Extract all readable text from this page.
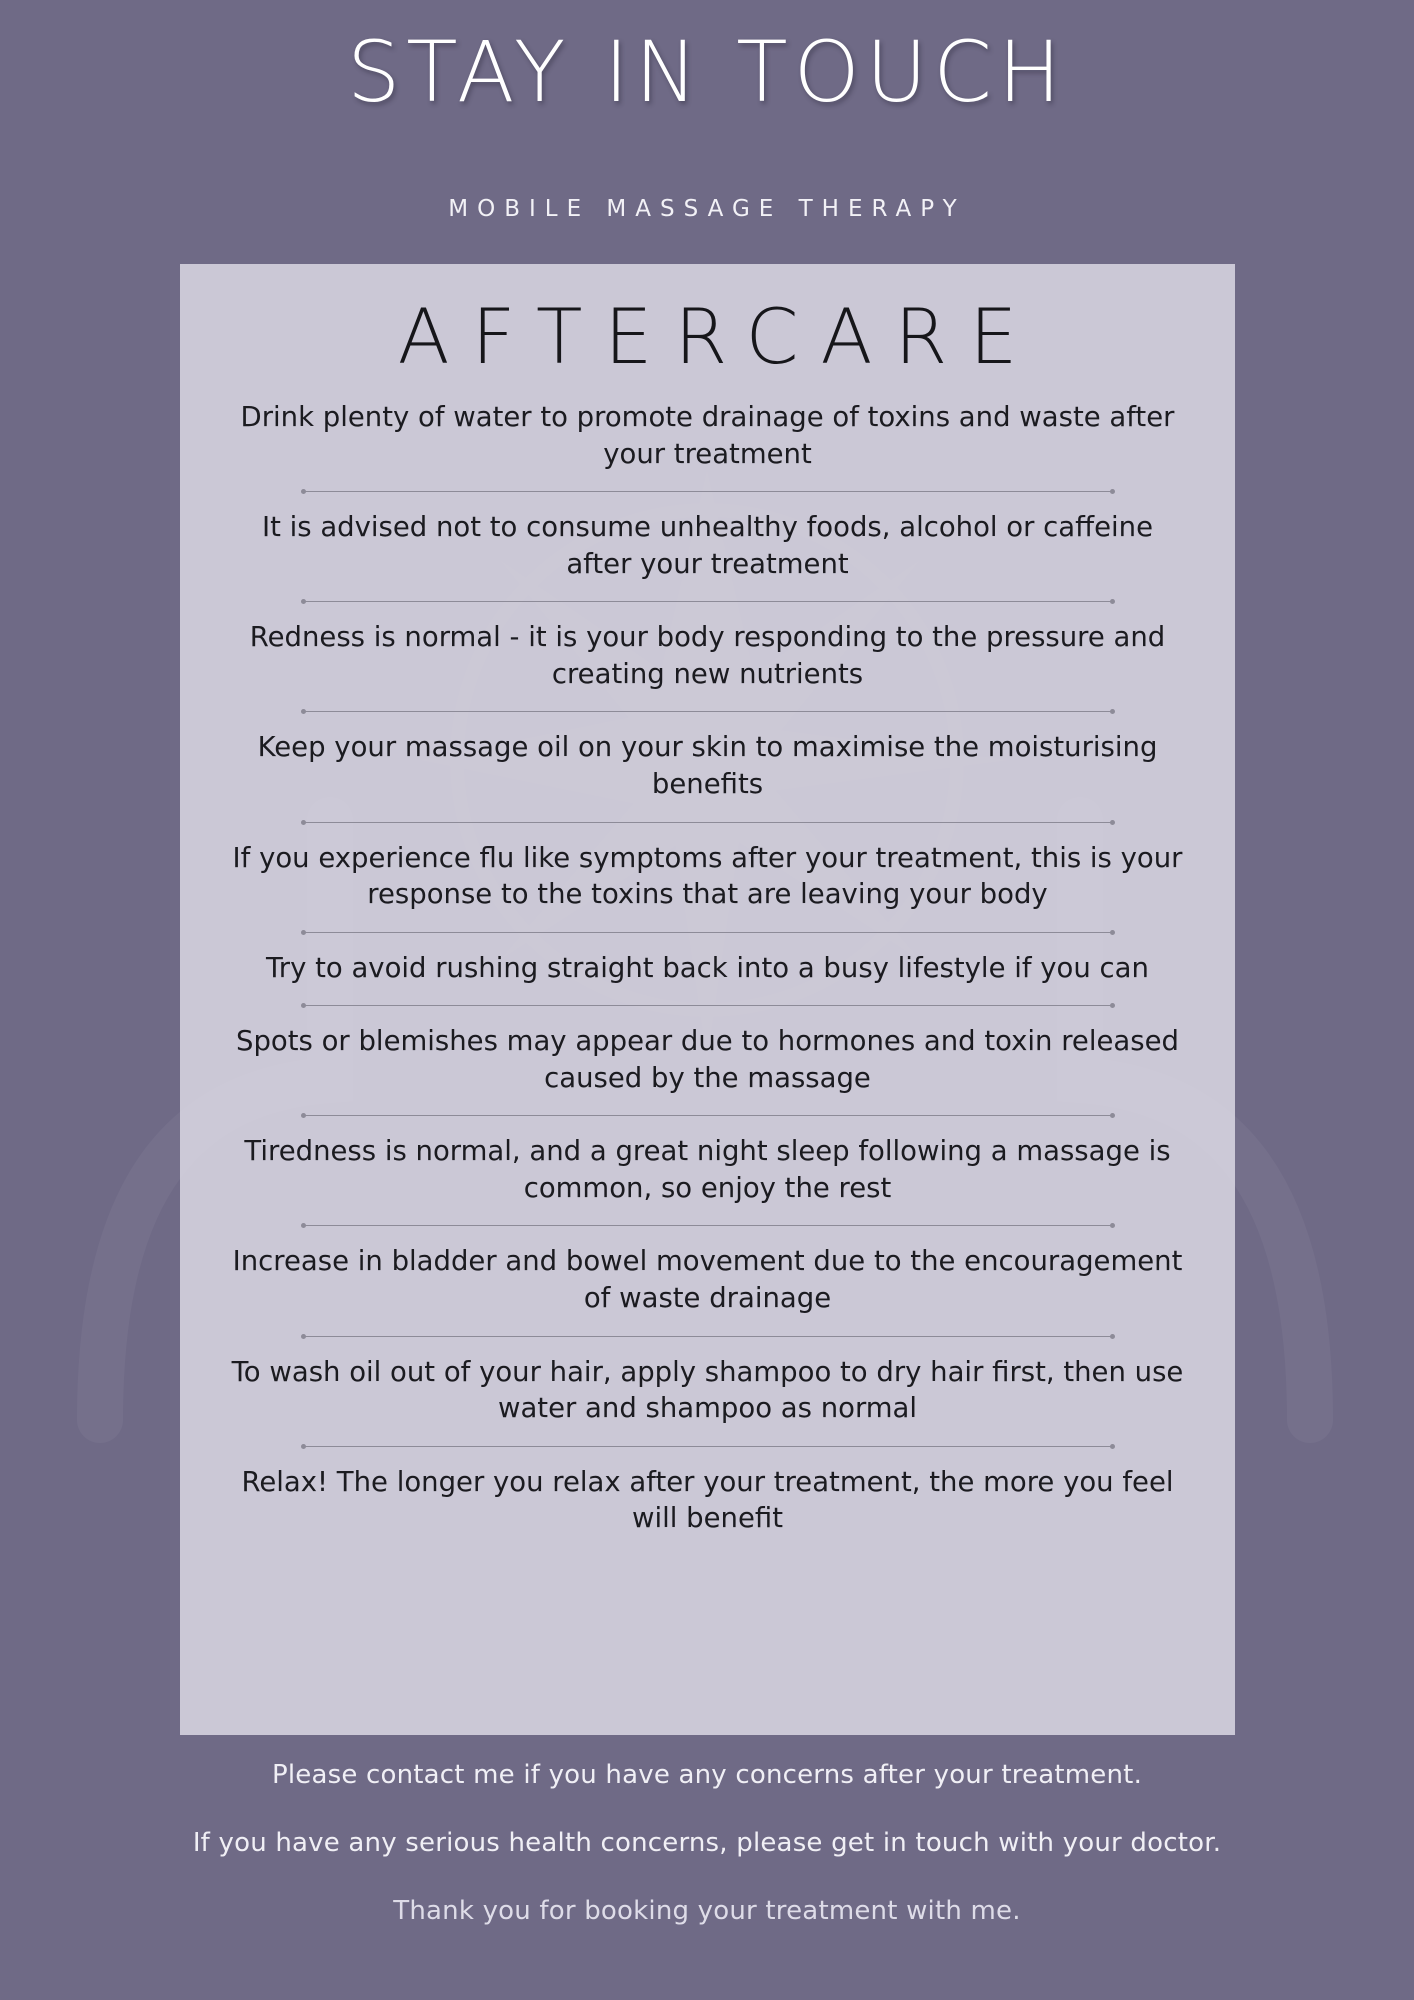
STAY IN TOUCH
MOBILE MASSAGE THERAPY
AFTERCARE
Drink plenty of water to promote drainage of toxins and waste after your treatment
It is advised not to consume unhealthy foods, alcohol or caffeine after your treatment
Redness is normal - it is your body responding to the pressure and creating new nutrients
Keep your massage oil on your skin to maximise the moisturising benefits
If you experience flu like symptoms after your treatment, this is your response to the toxins that are leaving your body
Try to avoid rushing straight back into a busy lifestyle if you can
Spots or blemishes may appear due to hormones and toxin released caused by the massage
Tiredness is normal, and a great night sleep following a massage is common, so enjoy the rest
Increase in bladder and bowel movement due to the encouragement of waste drainage
To wash oil out of your hair, apply shampoo to dry hair first, then use water and shampoo as normal
Relax! The longer you relax after your treatment, the more you feel will benefit
Please contact me if you have any concerns after your treatment.
If you have any serious health concerns, please get in touch with your doctor.
Thank you for booking your treatment with me.
